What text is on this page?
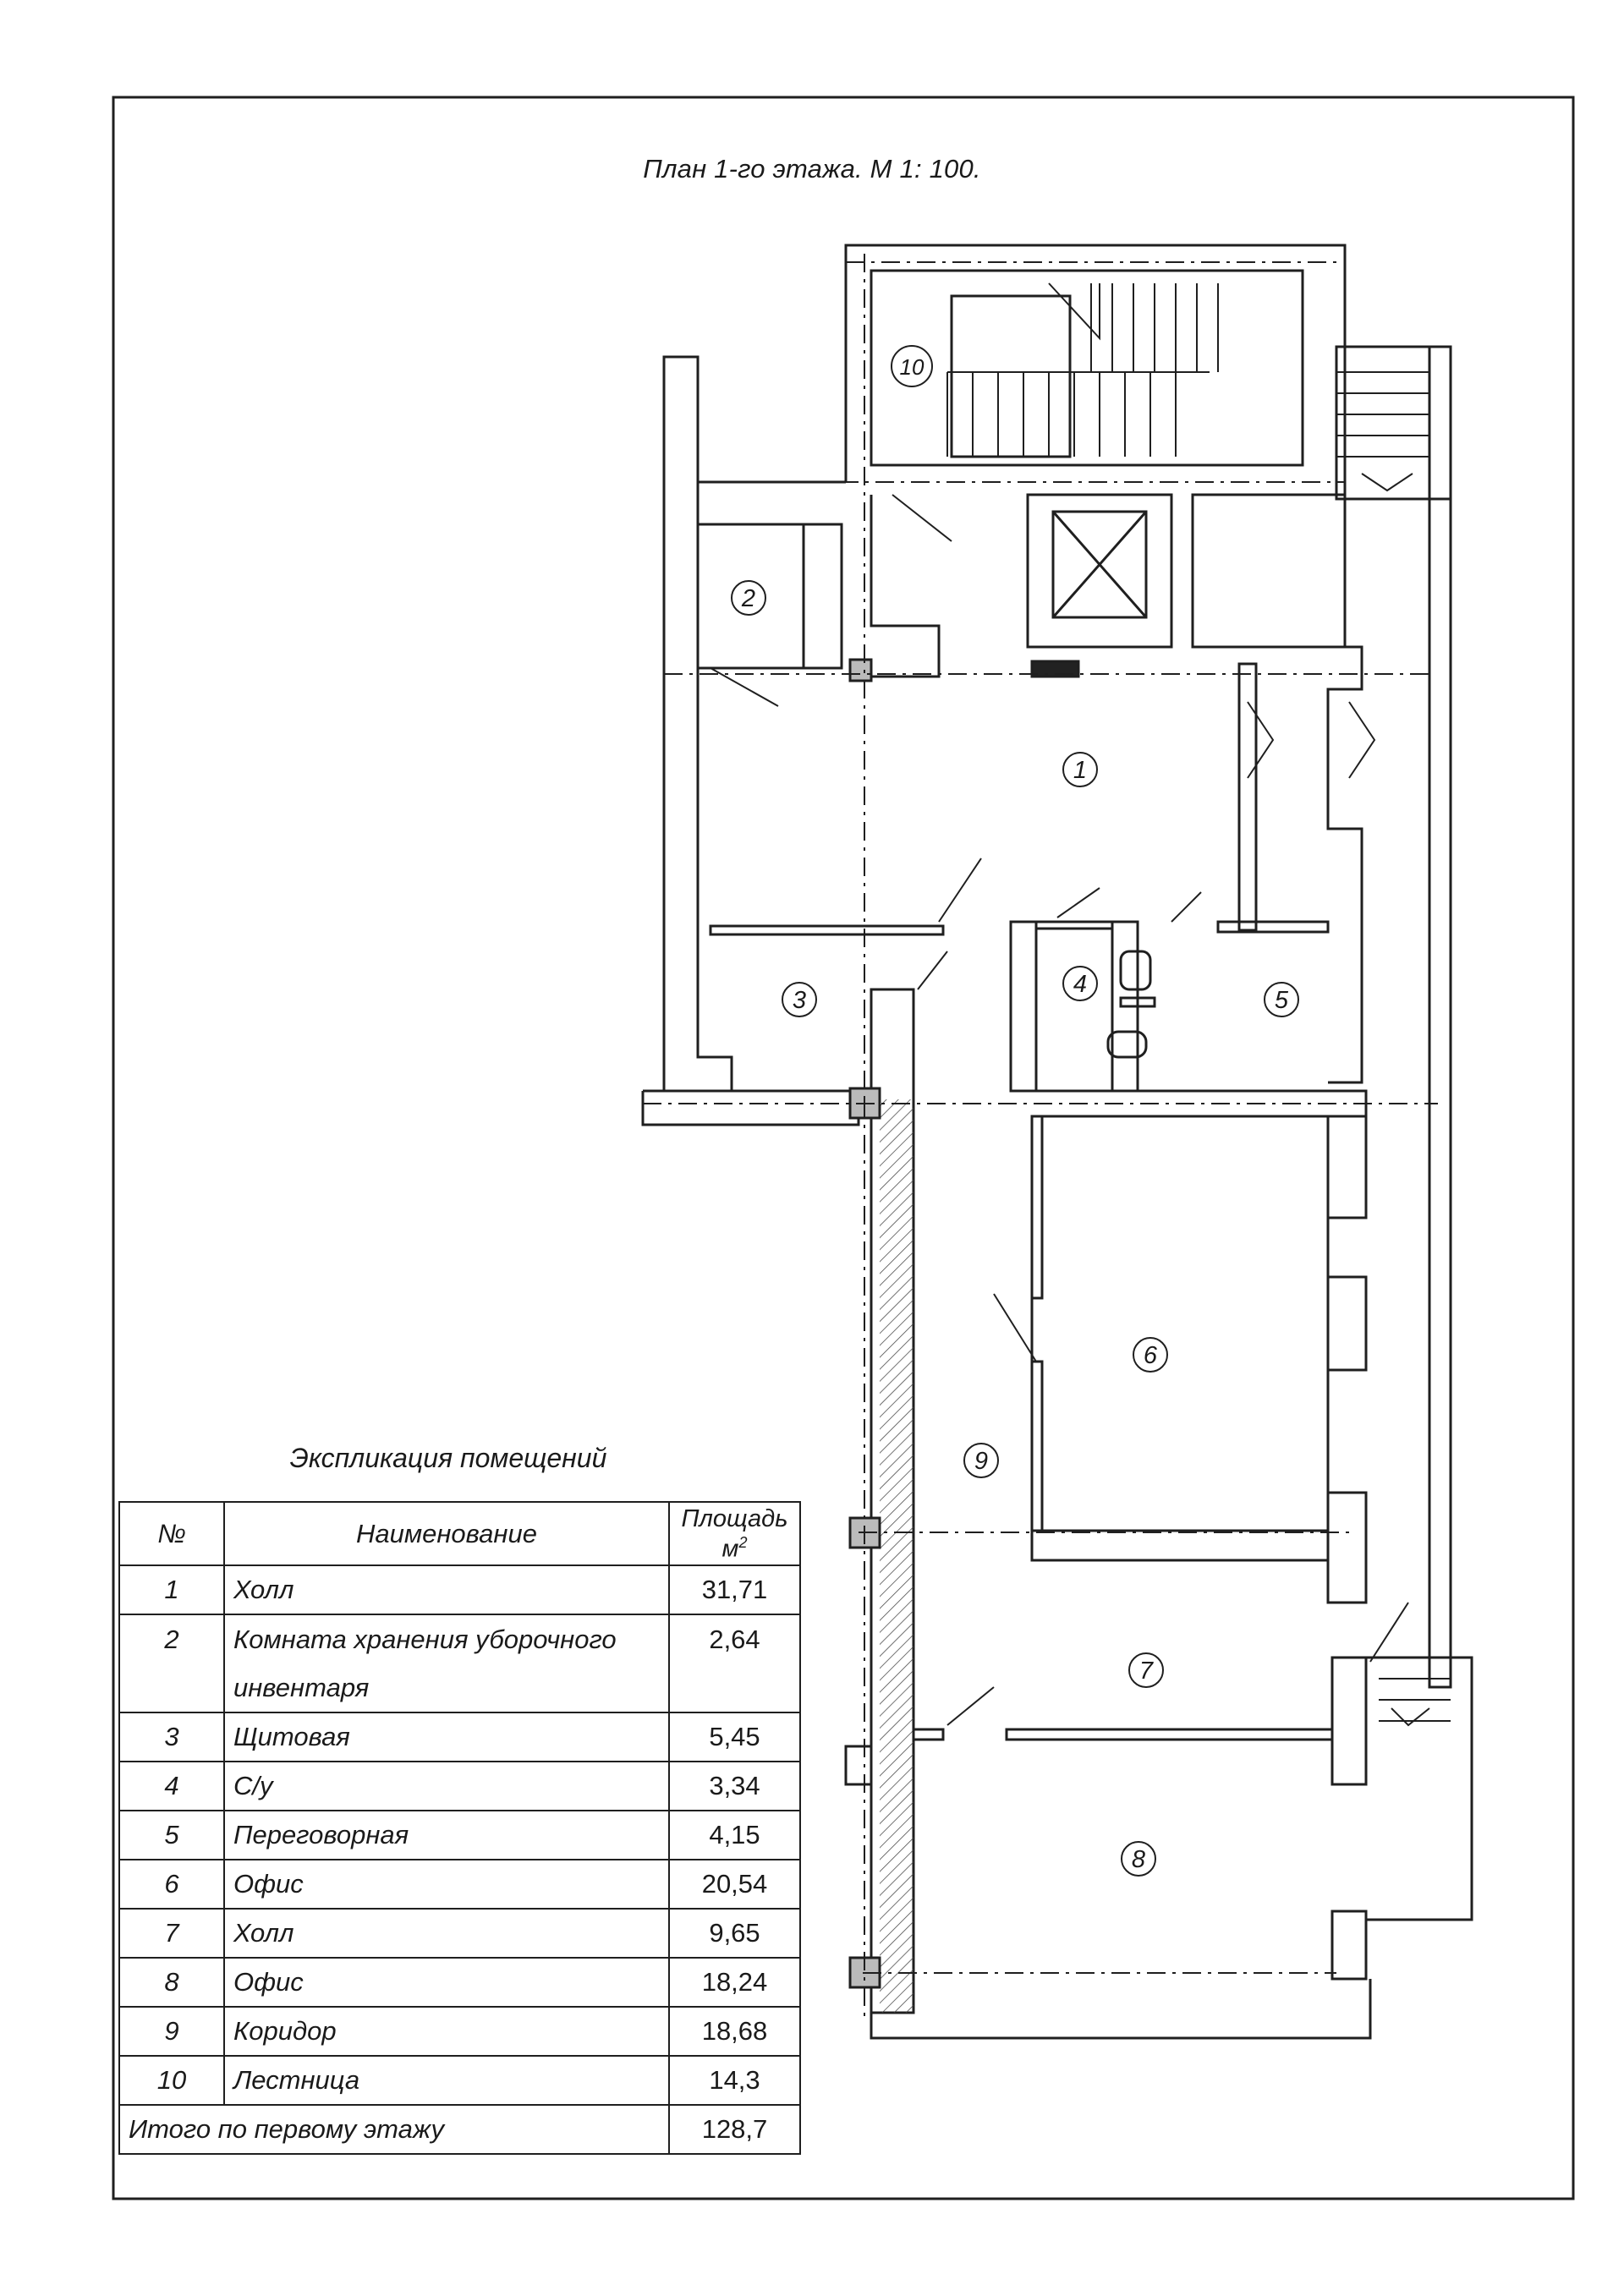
1
2
3
4
5
6
7
8
9
10
План 1-го этажа. М 1: 100.
Экспликация помещений
№	Наименование	Площадь
$м^2$
1	Холл	31,71
2	Комната хранения уборочного	2,64
	инвентаря	
3	Щитовая	5,45
4	С/у	3,34
5	Переговорная	4,15
6	Офис	20,54
7	Холл	9,65
8	Офис	18,24
9	Коридор	18,68
10	Лестница	14,3
Итого по первому этажу		128,7
